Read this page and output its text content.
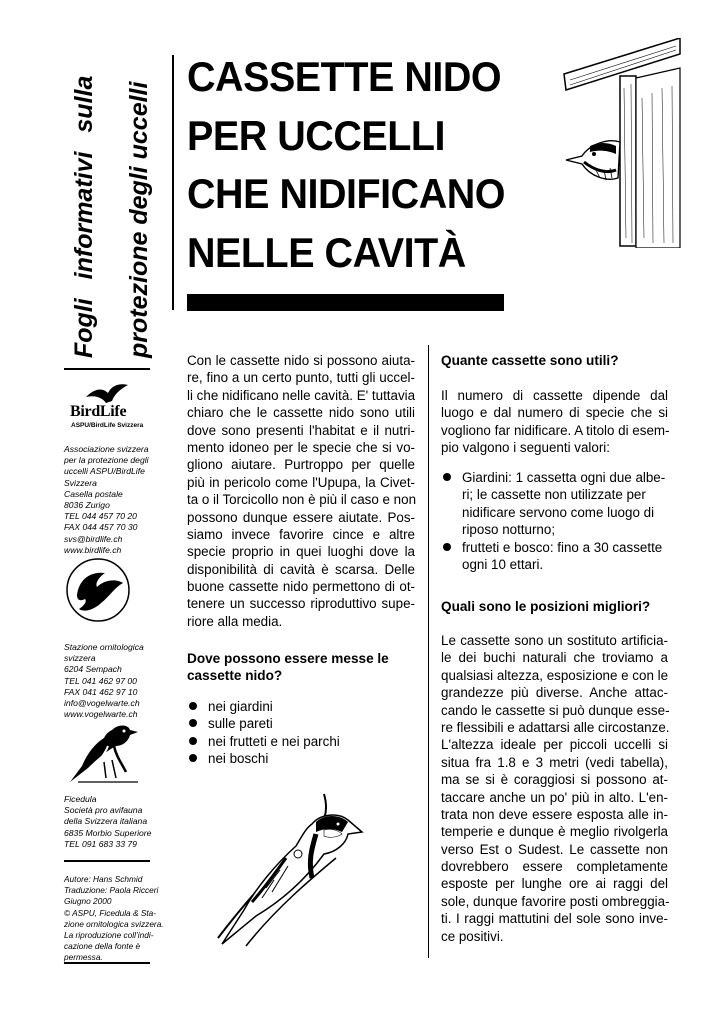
Fogli informativi sulla	protezione degli uccelli
BirdLife
ASPU/BirdLife Svizzera
Associazione svizzera
per la protezione degli
uccelli ASPU/BirdLife
Svizzera
Casella postale
8036 Zurigo
TEL 044 457 70 20
FAX 044 457 70 30
svs@birdlife.ch
www.birdlife.ch
Stazione ornitologica
svizzera
6204 Sempach
TEL 041 462 97 00
FAX 041 462 97 10
info@vogelwarte.ch
www.vogelwarte.ch
Ficedula
Società pro avifauna
della Svizzera italiana
6835 Morbio Superiore
TEL 091 683 33 79
Autore: Hans Schmid
Traduzione: Paola Ricceri
Giugno 2000
© ASPU, Ficedula & Sta-
zione ornitologica svizzera.
La riproduzione coll’indi-
cazione della fonte è
permessa.
CASSETTE NIDO
PER UCCELLI
CHE NIDIFICANO
NELLE CAVITÀ
Con le cassette nido si possono aiuta-
re, fino a un certo punto, tutti gli uccel-
li che nidificano nelle cavità. E' tuttavia
chiaro che le cassette nido sono utili
dove sono presenti l'habitat e il nutri-
mento idoneo per le specie che si vo-
gliono aiutare. Purtroppo per quelle
più in pericolo come l'Upupa, la Civet-
ta o il Torcicollo non è più il caso e non
possono dunque essere aiutate. Pos-
siamo invece favorire cince e altre
specie proprio in quei luoghi dove la
disponibilità di cavità è scarsa. Delle
buone cassette nido permettono di ot-
tenere un successo riproduttivo supe-
riore alla media.
Dove possono essere messe le
cassette nido?
nei giardini
sulle pareti
nei frutteti e nei parchi
nei boschi
Quante cassette sono utili?
Il numero di cassette dipende dal
luogo e dal numero di specie che si
vogliono far nidificare. A titolo di esem-
pio valgono i seguenti valori:
Giardini: 1 cassetta ogni due albe-
ri; le cassette non utilizzate per
nidificare servono come luogo di
riposo notturno;
frutteti e bosco: fino a 30 cassette
ogni 10 ettari.
Quali sono le posizioni migliori?
Le cassette sono un sostituto artificia-
le dei buchi naturali che troviamo a
qualsiasi altezza, esposizione e con le
grandezze più diverse. Anche attac-
cando le cassette si può dunque esse-
re flessibili e adattarsi alle circostanze.
L'altezza ideale per piccoli uccelli si
situa fra 1.8 e 3 metri (vedi tabella),
ma se si è coraggiosi si possono at-
taccare anche un po' più in alto. L'en-
trata non deve essere esposta alle in-
temperie e dunque è meglio rivolgerla
verso Est o Sudest. Le cassette non
dovrebbero essere completamente
esposte per lunghe ore ai raggi del
sole, dunque favorire posti ombreggia-
ti. I raggi mattutini del sole sono inve-
ce positivi.
